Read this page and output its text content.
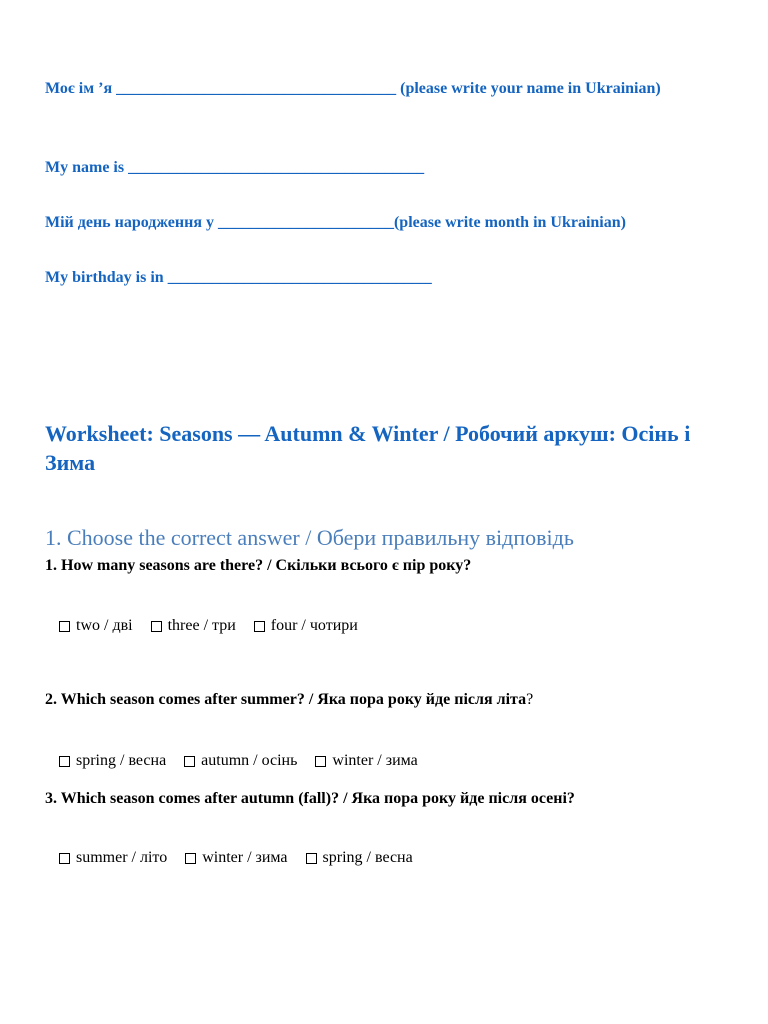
Моє ім ’я ___________________________________ (please write your name in Ukrainian)
My name is _____________________________________
Мій день народження у ______________________(please write month in Ukrainian)
My birthday is in _________________________________
Worksheet: Seasons — Autumn & Winter / Робочий аркуш: Осінь і Зима
1. Choose the correct answer / Обери правильну відповідь
1. How many seasons are there? / Скільки всього є пір року?
two / дві three / три four / чотири
2. Which season comes after summer? / Яка пора року йде після літа?
spring / весна autumn / осінь winter / зима
3. Which season comes after autumn (fall)? / Яка пора року йде після осені?
summer / літо winter / зима spring / весна
